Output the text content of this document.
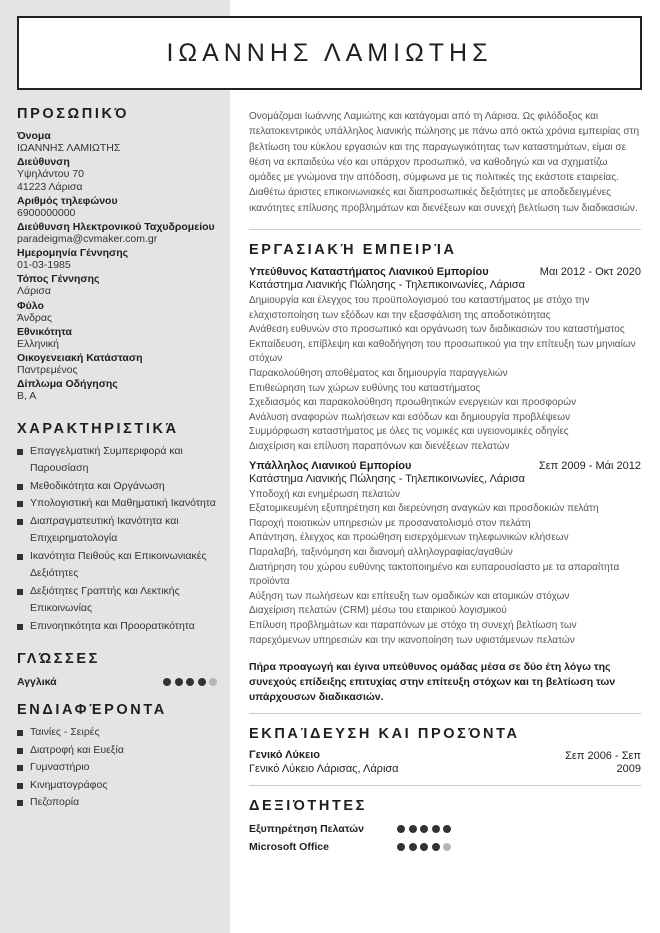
ΙΩΑΝΝΗΣ ΛΑΜΙΩΤΗΣ
ΠΡΟΣΩΠΙΚΌ
Όνομα
ΙΩΑΝΝΗΣ ΛΑΜΙΩΤΗΣ
Διεύθυνση
Υψηλάντου 70
41223 Λάρισα
Αριθμός τηλεφώνου
6900000000
Διεύθυνση Ηλεκτρονικού Ταχυδρομείου
paradeigma@cvmaker.com.gr
Ημερομηνία Γέννησης
01-03-1985
Τόπος Γέννησης
Λάρισα
Φύλο
Άνδρας
Εθνικότητα
Ελληνική
Οικογενειακή Κατάσταση
Παντρεμένος
Δίπλωμα Οδήγησης
B, A
ΧΑΡΑΚΤΗΡΙΣΤΙΚΆ
Επαγγελματική Συμπεριφορά και
Παρουσίαση
Μεθοδικότητα και Οργάνωση
Υπολογιστική και Μαθηματική Ικανότητα
Διαπραγματευτική Ικανότητα και
Επιχειρηματολογία
Ικανότητα Πειθούς και Επικοινωνιακές
Δεξιότητες
Δεξιότητες Γραπτής και Λεκτικής
Επικοινωνίας
Επινοητικότητα και Προορατικότητα
ΓΛΏΣΣΕΣ
Αγγλικά
ΕΝΔΙΑΦΈΡΟΝΤΑ
Ταινίες - Σειρές
Διατροφή και Ευεξία
Γυμναστήριο
Κινηματογράφος
Πεζοπορία
Ονομάζομαι Ιωάννης Λαμιώτης και κατάγομαι από τη Λάρισα. Ως φιλόδοξος και
πελατοκεντρικός υπάλληλος λιανικής πώλησης με πάνω από οκτώ χρόνια εμπειρίας στη
βελτίωση του κύκλου εργασιών και της παραγωγικότητας των καταστημάτων, είμαι σε
θέση να εκπαιδεύω νέο και υπάρχον προσωπικό, να καθοδηγώ και να σχηματίζω
ομάδες με γνώμονα την απόδοση, σύμφωνα με τις πολιτικές της εκάστοτε εταιρείας.
Διαθέτω άριστες επικοινωνιακές και διαπροσωπικές δεξιότητες με αποδεδειγμένες
ικανότητες επίλυσης προβλημάτων και διενέξεων και συνεχή βελτίωση των διαδικασιών.
ΕΡΓΑΣΙΑΚΉ ΕΜΠΕΙΡΊΑ
Υπεύθυνος Καταστήματος Λιανικού Εμπορίου	Μαι 2012 - Οκτ 2020
Κατάστημα Λιανικής Πώλησης - Τηλεπικοινωνίες, Λάρισα
Δημιουργία και έλεγχος του προϋπολογισμού του καταστήματος με στόχο την
ελαχιστοποίηση των εξόδων και την εξασφάλιση της αποδοτικότητας
Ανάθεση ευθυνών στο προσωπικό και οργάνωση των διαδικασιών του καταστήματος
Εκπαίδευση, επίβλεψη και καθοδήγηση του προσωπικού για την επίτευξη των μηνιαίων
στόχων
Παρακολούθηση αποθέματος και δημιουργία παραγγελιών
Επιθεώρηση των χώρων ευθύνης του καταστήματος
Σχεδιασμός και παρακολούθηση προωθητικών ενεργειών και προσφορών
Ανάλυση αναφορών πωλήσεων και εσόδων και δημιουργία προβλέψεων
Συμμόρφωση καταστήματος με όλες τις νομικές και υγειονομικές οδηγίες
Διαχείριση και επίλυση παραπόνων και διενέξεων πελατών
Υπάλληλος Λιανικού Εμπορίου	Σεπ 2009 - Μάι 2012
Κατάστημα Λιανικής Πώλησης - Τηλεπικοινωνίες, Λάρισα
Υποδοχή και ενημέρωση πελατών
Εξατομικευμένη εξυπηρέτηση και διερεύνηση αναγκών και προσδοκιών πελάτη
Παροχή ποιοτικών υπηρεσιών με προσανατολισμό στον πελάτη
Απάντηση, έλεγχος και προώθηση εισερχόμενων τηλεφωνικών κλήσεων
Παραλαβή, ταξινόμηση και διανομή αλληλογραφίας/αγαθών
Διατήρηση του χώρου ευθύνης τακτοποιημένο και ευπαρουσίαστο με τα απαραίτητα
προϊόντα
Αύξηση των πωλήσεων και επίτευξη των ομαδικών και ατομικών στόχων
Διαχείριση πελατών (CRM) μέσω του εταιρικού λογισμικού
Επίλυση προβλημάτων και παραπόνων με στόχο τη συνεχή βελτίωση των
παρεχόμενων υπηρεσιών και την ικανοποίηση των υφιστάμενων πελατών
Πήρα προαγωγή και έγινα υπεύθυνος ομάδας μέσα σε δύο έτη λόγω της
συνεχούς επίδειξης επιτυχίας στην επίτευξη στόχων και τη βελτίωση των
υπάρχουσων διαδικασιών.
ΕΚΠΑΊΔΕΥΣΗ ΚΑΙ ΠΡΟΣΌΝΤΑ
Γενικό Λύκειο
Γενικό Λύκειο Λάρισας, Λάρισα
Σεπ 2006 - Σεπ
2009
ΔΕΞΙΌΤΗΤΕΣ
Εξυπηρέτηση Πελατών
Microsoft Office
